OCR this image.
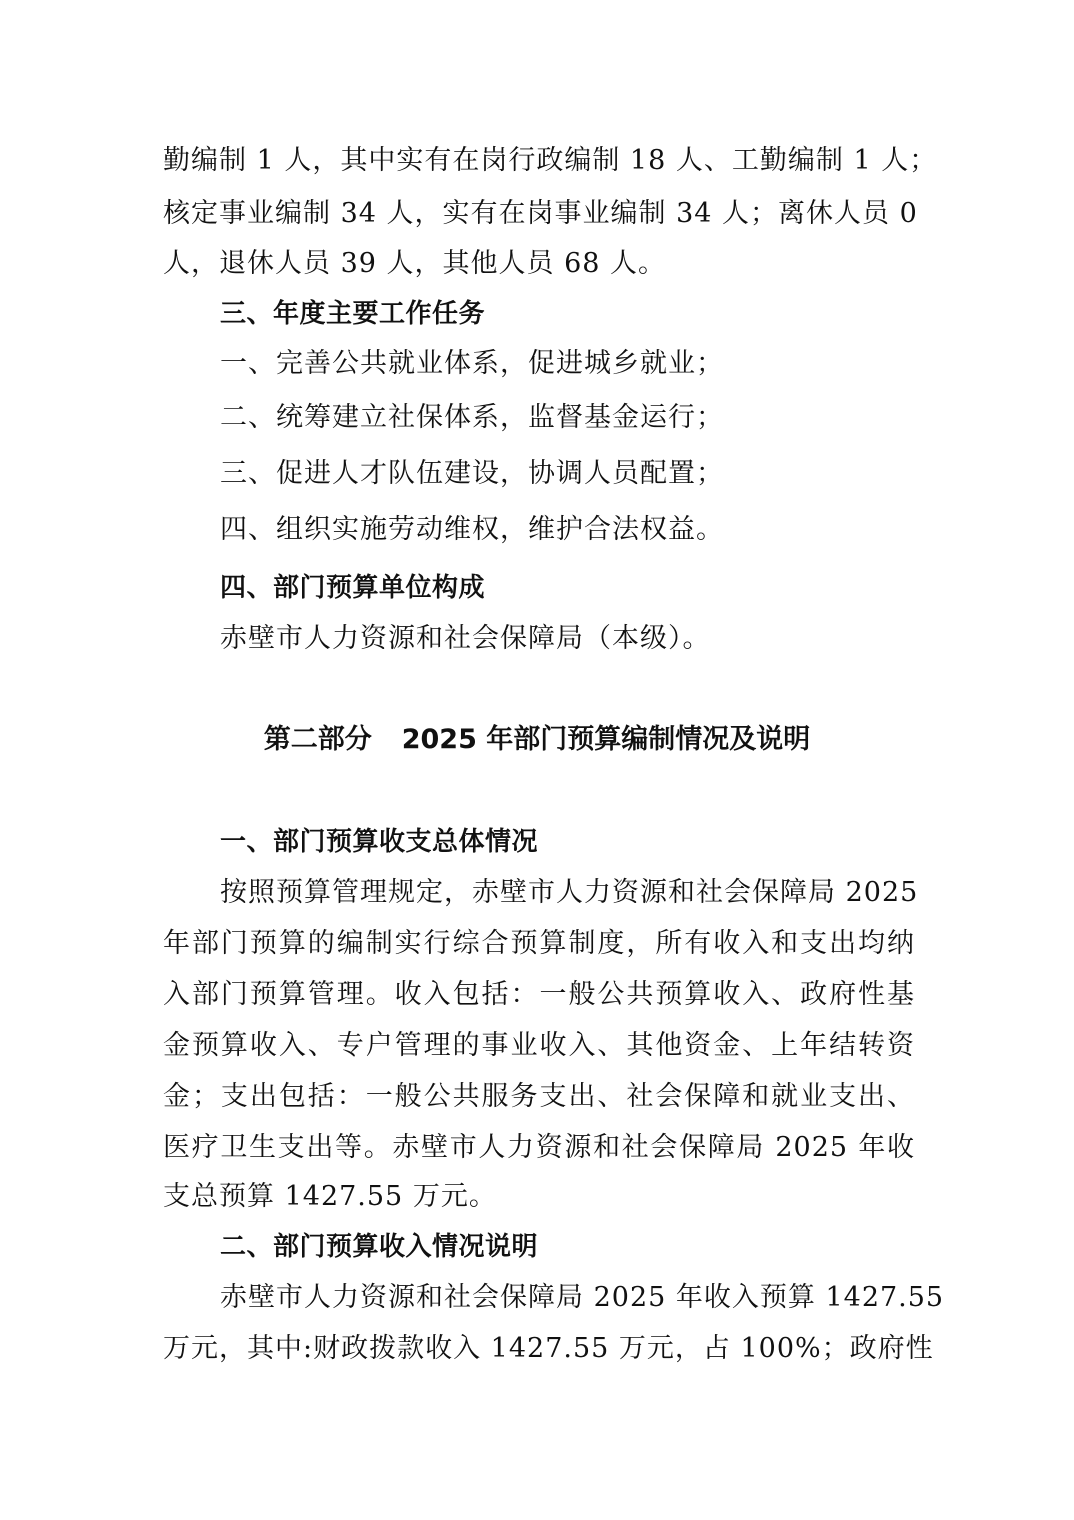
勤编制 1 人，其中实有在岗行政编制 18 人、工勤编制 1 人；
核定事业编制 34 人，实有在岗事业编制 34 人；离休人员 0
人，退休人员 39 人，其他人员 68 人。
三、年度主要工作任务
一、完善公共就业体系，促进城乡就业；
二、统筹建立社保体系，监督基金运行；
三、促进人才队伍建设，协调人员配置；
四、组织实施劳动维权，维护合法权益。
四、部门预算单位构成
赤壁市人力资源和社会保障局（本级）。
第二部分 2025 年部门预算编制情况及说明
一、部门预算收支总体情况
按照预算管理规定，赤壁市人力资源和社会保障局 2025
年部门预算的编制实行综合预算制度，所有收入和支出均纳
入部门预算管理。收入包括：一般公共预算收入、政府性基
金预算收入、专户管理的事业收入、其他资金、上年结转资
金；支出包括：一般公共服务支出、社会保障和就业支出、
医疗卫生支出等。赤壁市人力资源和社会保障局 2025 年收
支总预算 1427.55 万元。
二、部门预算收入情况说明
赤壁市人力资源和社会保障局 2025 年收入预算 1427.55
万元，其中:财政拨款收入 1427.55 万元，占 100%；政府性
